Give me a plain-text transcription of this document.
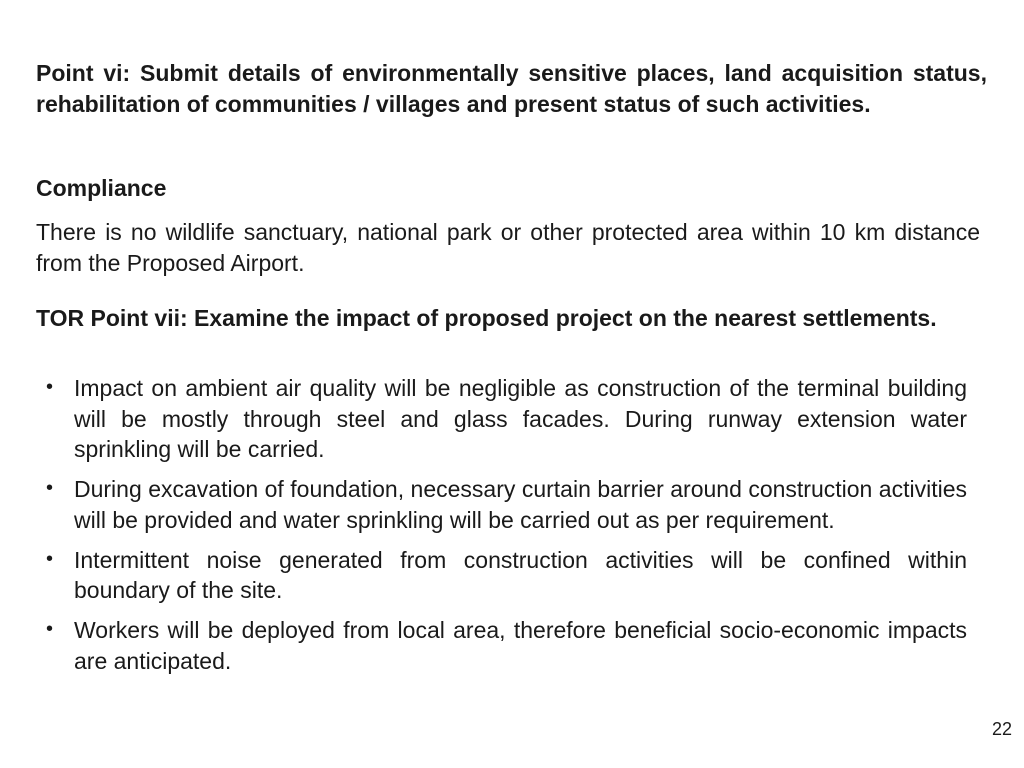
Point vi: Submit details of environmentally sensitive places, land acquisition status, rehabilitation of communities / villages and present status of such activities.
Compliance
There is no wildlife sanctuary, national park or other protected area within 10 km distance from the Proposed Airport.
TOR Point vii: Examine the impact of proposed project on the nearest settlements.
• Impact on ambient air quality will be negligible as construction of the terminal building will be mostly through steel and glass facades. During runway extension water sprinkling will be carried.
• During excavation of foundation, necessary curtain barrier around construction activities will be provided and water sprinkling will be carried out as per requirement.
• Intermittent noise generated from construction activities will be confined within boundary of the site.
• Workers will be deployed from local area, therefore beneficial socio-economic impacts are anticipated.
22
